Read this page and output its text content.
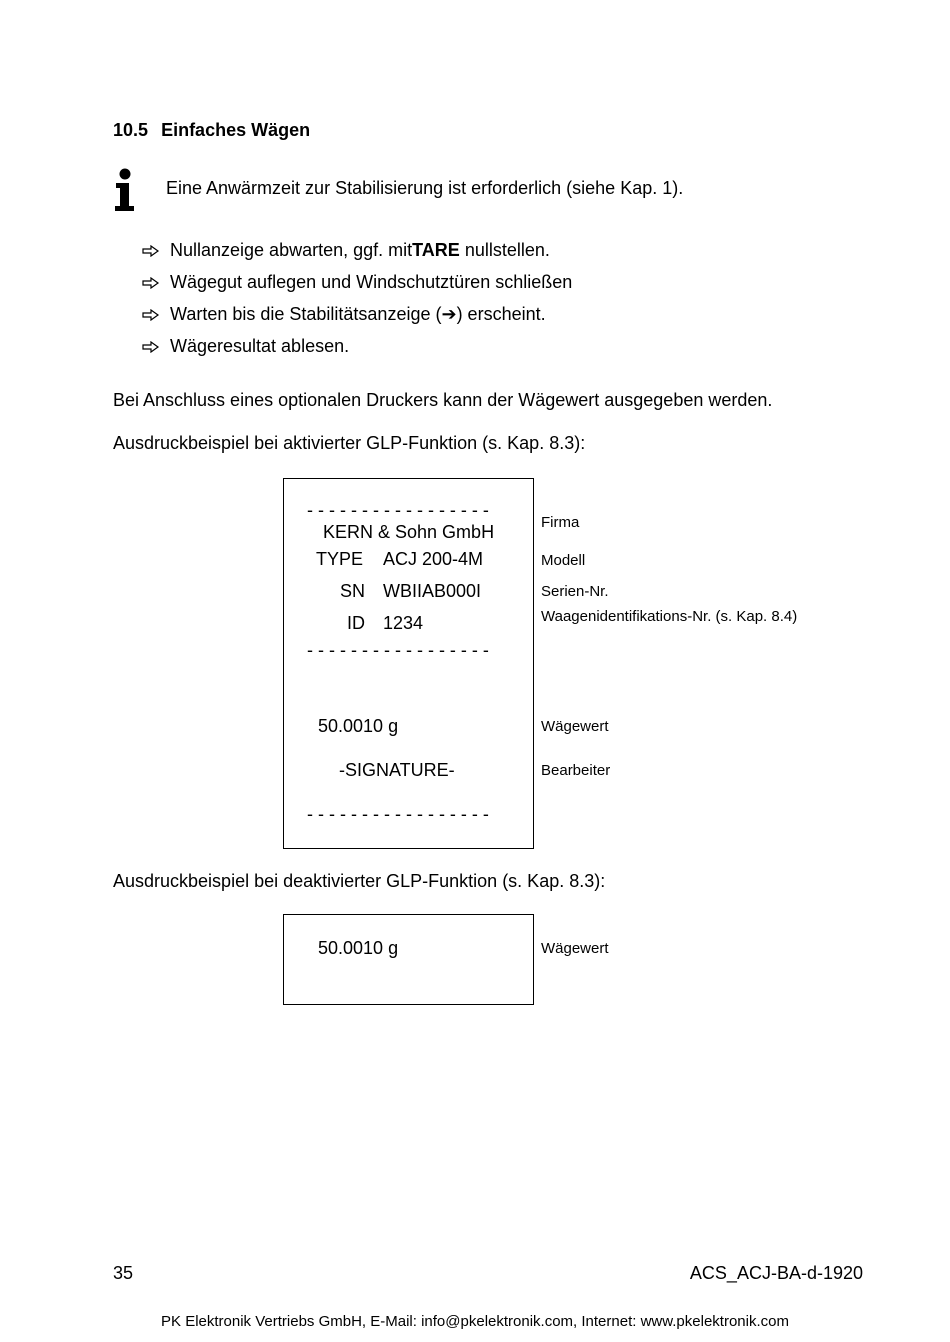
10.5 Einfaches Wägen
Eine Anwärmzeit zur Stabilisierung ist erforderlich (siehe Kap. 1).
Nullanzeige abwarten, ggf. mit TARE nullstellen.
Wägegut auflegen und Windschutztüren schließen
Warten bis die Stabilitätsanzeige ( ➔ ) erscheint.
Wägeresultat ablesen.
Bei Anschluss eines optionalen Druckers kann der Wägewert ausgegeben werden.
Ausdruckbeispiel bei aktivierter GLP-Funktion (s. Kap. 8.3):
- - - - - - - - - - - - - - - - -
KERN & Sohn GmbH
TYPE ACJ 200-4M
SN WBIIAB000I
ID 1234
- - - - - - - - - - - - - - - - -
50.0010 g
-SIGNATURE-
- - - - - - - - - - - - - - - - -
Firma
Modell
Serien-Nr.
Waagenidentifikations-Nr. (s. Kap. 8.4)
Wägewert
Bearbeiter
Ausdruckbeispiel bei deaktivierter GLP-Funktion (s. Kap. 8.3):
50.0010 g	Wägewert
35	ACS_ACJ-BA-d-1920
PK Elektronik Vertriebs GmbH, E-Mail: info@pkelektronik.com, Internet: www.pkelektronik.com
